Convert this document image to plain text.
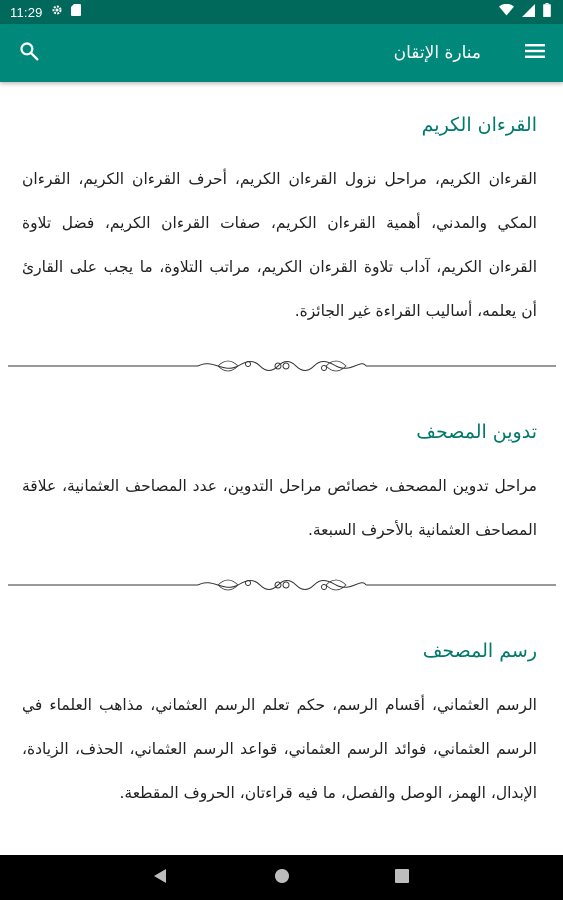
11:29
منارة الإتقان
القرءان الكريم

القرءان الكريم، مراحل نزول القرءان الكريم، أحرف القرءان الكريم، القرءان المكي والمدني، أهمية القرءان الكريم، صفات القرءان الكريم، فضل تلاوة القرءان الكريم، آداب تلاوة القرءان الكريم، مراتب التلاوة، ما يجب على القارئ أن يعلمه، أساليب القراءة غير الجائزة.

تدوين المصحف

مراحل تدوين المصحف، خصائص مراحل التدوين، عدد المصاحف العثمانية، علاقة المصاحف العثمانية بالأحرف السبعة.

رسم المصحف

الرسم العثماني، أقسام الرسم، حكم تعلم الرسم العثماني، مذاهب العلماء في الرسم العثماني، فوائد الرسم العثماني، قواعد الرسم العثماني، الحذف، الزيادة، الإبدال، الهمز، الوصل والفصل، ما فيه قراءتان، الحروف المقطعة.
